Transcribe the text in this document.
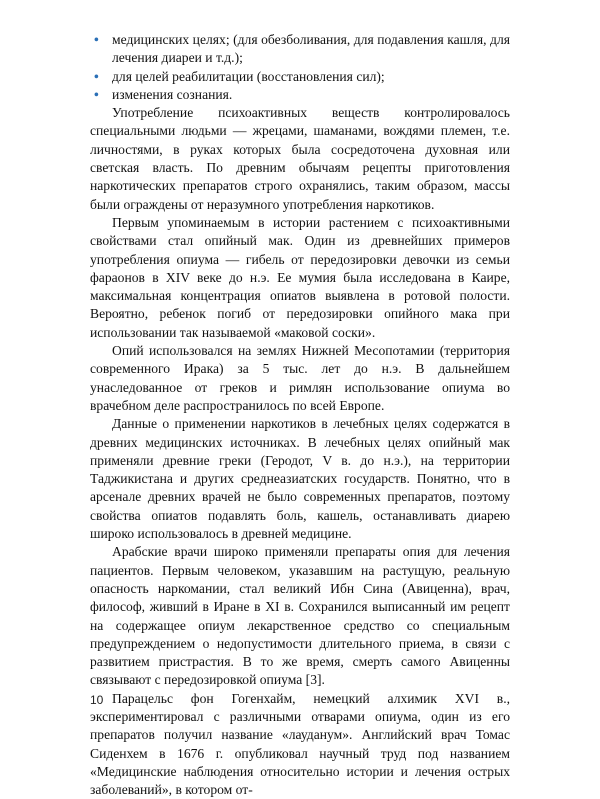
• медицинских целях; (для обезболивания, для подавления кашля, для лечения диареи и т.д.);
• для целей реабилитации (восстановления сил);
• изменения сознания.

Употребление психоактивных веществ контролировалось специальными людьми — жрецами, шаманами, вождями племен, т.е. личностями, в руках которых была сосредоточена духовная или светская власть. По древним обычаям рецепты приготовления наркотических препаратов строго охранялись, таким образом, массы были ограждены от неразумного употребления наркотиков.

Первым упоминаемым в истории растением с психоактивными свойствами стал опийный мак. Один из древнейших примеров употребления опиума — гибель от передозировки девочки из семьи фараонов в XIV веке до н.э. Ее мумия была исследована в Каире, максимальная концентрация опиатов выявлена в ротовой полости. Вероятно, ребенок погиб от передозировки опийного мака при использовании так называемой «маковой соски».

Опий использовался на землях Нижней Месопотамии (территория современного Ирака) за 5 тыс. лет до н.э. В дальнейшем унаследованное от греков и римлян использование опиума во врачебном деле распространилось по всей Европе.

Данные о применении наркотиков в лечебных целях содержатся в древних медицинских источниках. В лечебных целях опийный мак применяли древние греки (Геродот, V в. до н.э.), на территории Таджикистана и других среднеазиатских государств. Понятно, что в арсенале древних врачей не было современных препаратов, поэтому свойства опиатов подавлять боль, кашель, останавливать диарею широко использовалось в древней медицине.

Арабские врачи широко применяли препараты опия для лечения пациентов. Первым человеком, указавшим на растущую, реальную опасность наркомании, стал великий Ибн Сина (Авиценна), врач, философ, живший в Иране в XI в. Сохранился выписанный им рецепт на содержащее опиум лекарственное средство со специальным предупреждением о недопустимости длительного приема, в связи с развитием пристрастия. В то же время, смерть самого Авиценны связывают с передозировкой опиума [3].

Парацельс фон Гогенхайм, немецкий алхимик XVI в., экспериментировал с различными отварами опиума, один из его препаратов получил название «лауданум». Английский врач Томас Сиденхем в 1676 г. опубликовал научный труд под названием «Медицинские наблюдения относительно истории и лечения острых заболеваний», в котором от-

10
